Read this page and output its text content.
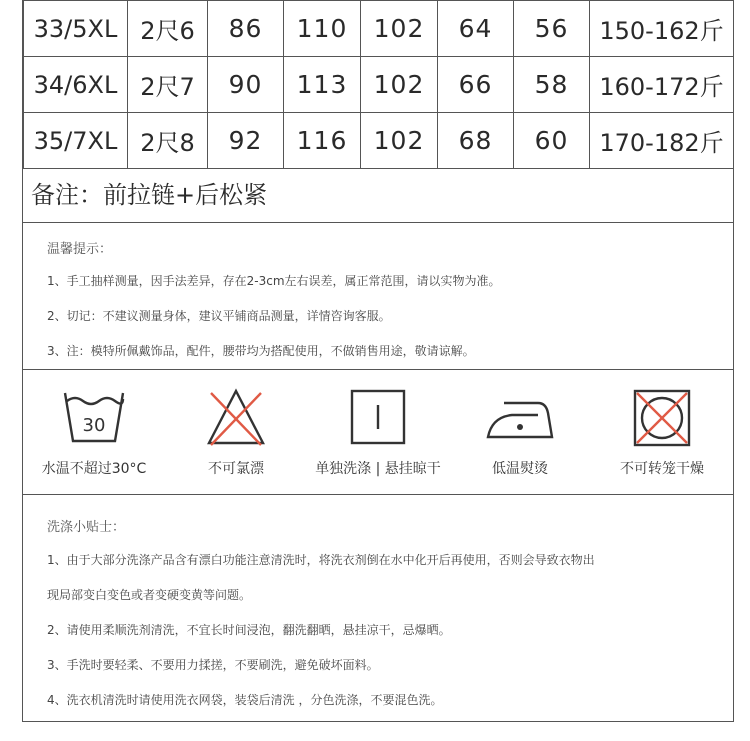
33/5XL	2尺6	86	110	102	64	56	150-162斤
34/6XL	2尺7	90	113	102	66	58	160-172斤
35/7XL	2尺8	92	116	102	68	60	170-182斤
备注：前拉链+后松紧
温馨提示：
1、手工抽样测量，因手法差异，存在2-3cm左右误差，属正常范围，请以实物为准。
2、切记：不建议测量身体，建议平铺商品测量，详情咨询客服。
3、注：模特所佩戴饰品，配件，腰带均为搭配使用，不做销售用途，敬请谅解。
30
水温不超过30°C	不可氯漂	单独洗涤 | 悬挂晾干	低温熨烫	不可转笼干燥
洗涤小贴士：
1、由于大部分洗涤产品含有漂白功能注意清洗时，将洗衣剂倒在水中化开后再使用，否则会导致衣物出
现局部变白变色或者变硬变黄等问题。
2、请使用柔顺洗剂清洗，不宜长时间浸泡，翻洗翻晒，悬挂凉干，忌爆晒。
3、手洗时要轻柔、不要用力揉搓，不要刷洗，避免破坏面料。
4、洗衣机清洗时请使用洗衣网袋，装袋后清洗 ，分色洗涤，不要混色洗。
